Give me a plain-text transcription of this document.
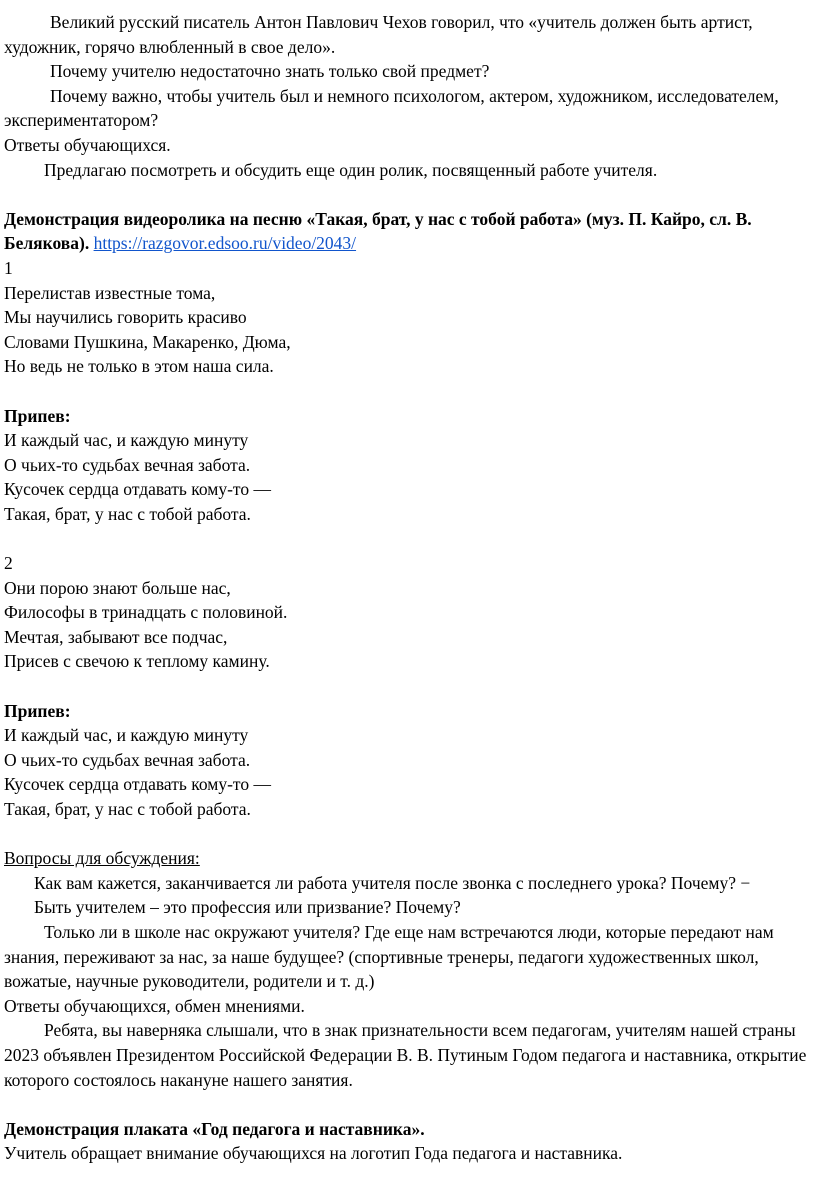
Великий русский писатель Антон Павлович Чехов говорил, что «учитель должен быть артист, художник, горячо влюбленный в свое дело».

Почему учителю недостаточно знать только свой предмет?

Почему важно, чтобы учитель был и немного психологом, актером, художником, исследователем, экспериментатором?

Ответы обучающихся.

Предлагаю посмотреть и обсудить еще один ролик, посвященный работе учителя.

Демонстрация видеоролика на песню «Такая, брат, у нас с тобой работа» (муз. П. Кайро, сл. В. Белякова). https://razgovor.edsoo.ru/video/2043/

1

Перелистав известные тома,

Мы научились говорить красиво

Словами Пушкина, Макаренко, Дюма,

Но ведь не только в этом наша сила.

Припев:

И каждый час, и каждую минуту

О чьих-то судьбах вечная забота.

Кусочек сердца отдавать кому-то —

Такая, брат, у нас с тобой работа.

2

Они порою знают больше нас,

Философы в тринадцать с половиной.

Мечтая, забывают все подчас,

Присев с свечою к теплому камину.

Припев:

И каждый час, и каждую минуту

О чьих-то судьбах вечная забота.

Кусочек сердца отдавать кому-то —

Такая, брат, у нас с тобой работа.

Вопросы для обсуждения:

Как вам кажется, заканчивается ли работа учителя после звонка с последнего урока? Почему? −

Быть учителем – это профессия или призвание? Почему?

Только ли в школе нас окружают учителя? Где еще нам встречаются люди, которые передают нам знания, переживают за нас, за наше будущее? (спортивные тренеры, педагоги художественных школ, вожатые, научные руководители, родители и т. д.)

Ответы обучающихся, обмен мнениями.

Ребята, вы наверняка слышали, что в знак признательности всем педагогам, учителям нашей страны 2023 объявлен Президентом Российской Федерации В. В. Путиным Годом педагога и наставника, открытие которого состоялось накануне нашего занятия.

Демонстрация плаката «Год педагога и наставника».

Учитель обращает внимание обучающихся на логотип Года педагога и наставника.
